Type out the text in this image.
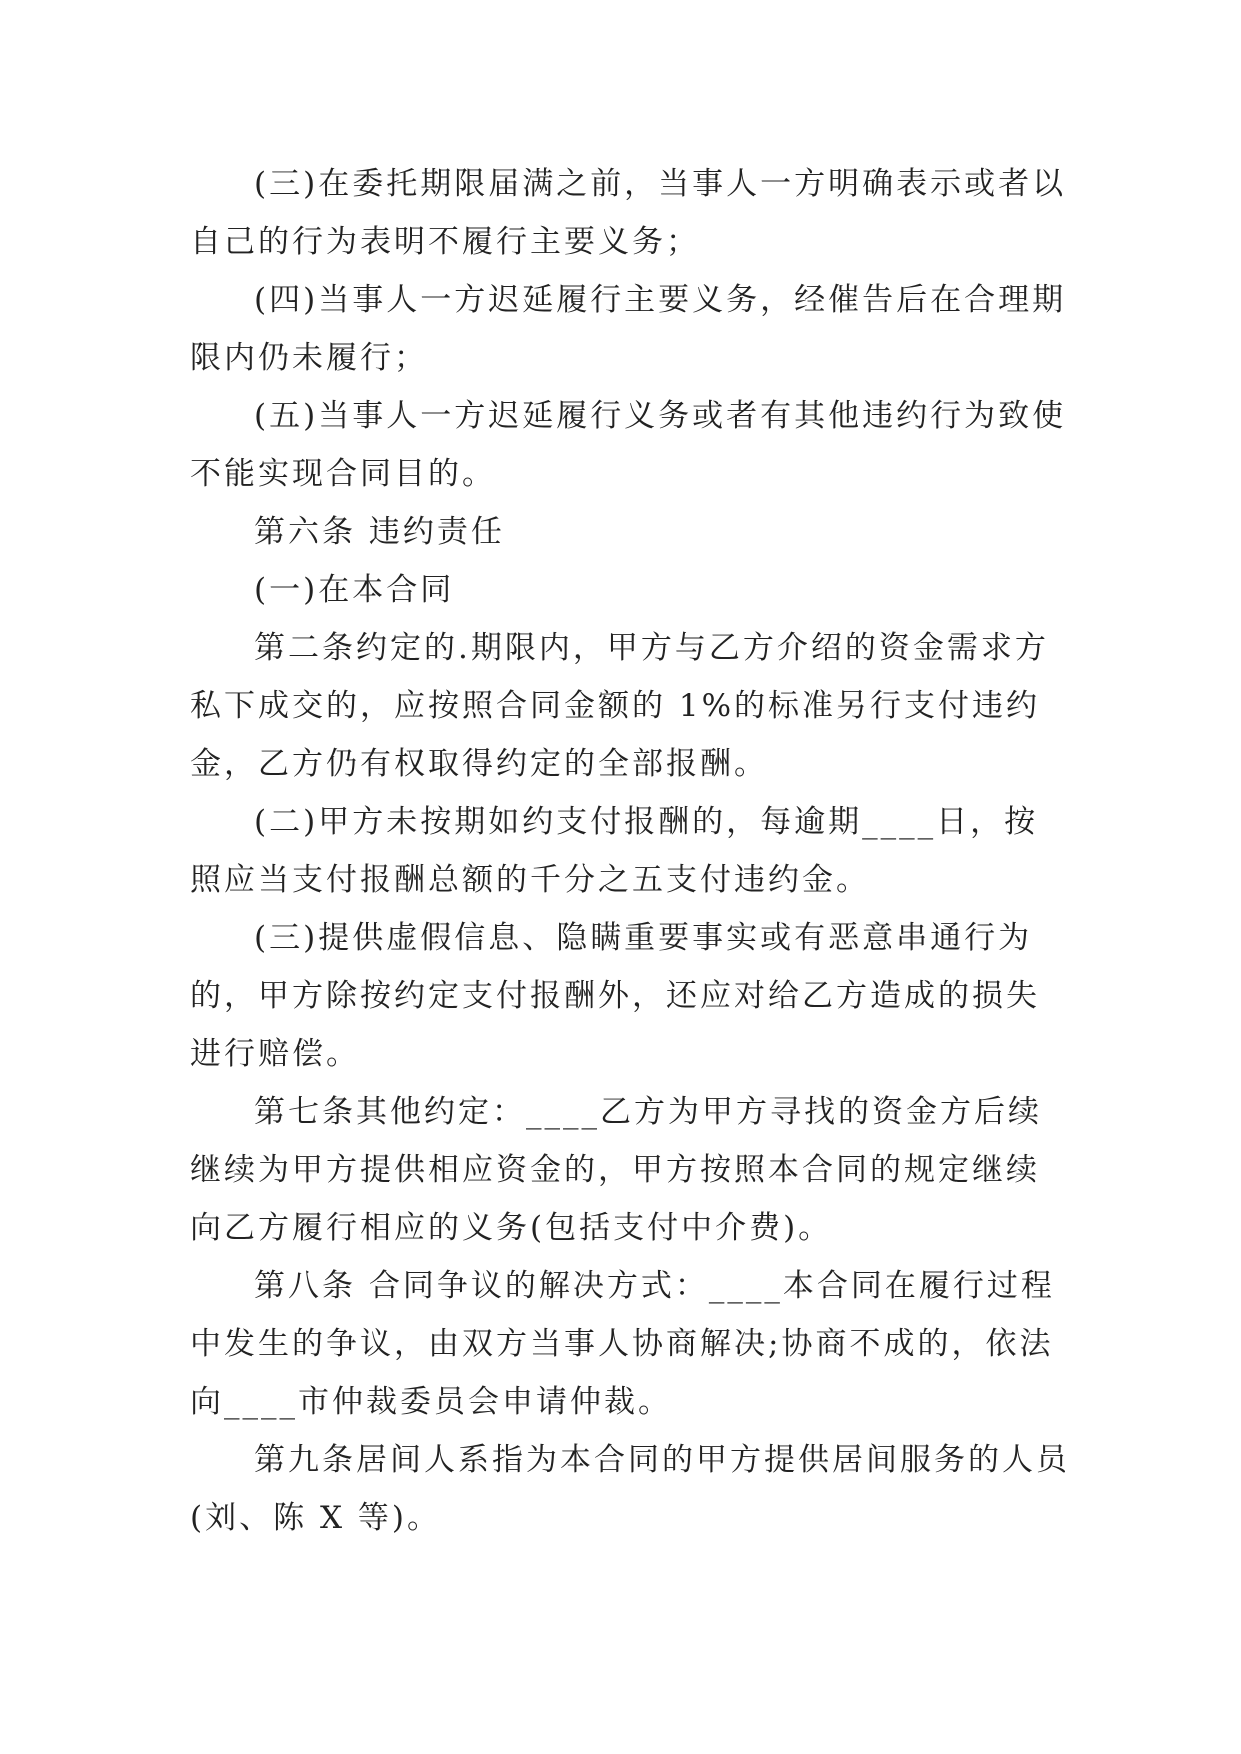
(三)在委托期限届满之前，当事人一方明确表示或者以自己的行为表明不履行主要义务；

(四)当事人一方迟延履行主要义务，经催告后在合理期限内仍未履行；

(五)当事人一方迟延履行义务或者有其他违约行为致使不能实现合同目的。

第六条 违约责任

(一)在本合同

第二条约定的.期限内，甲方与乙方介绍的资金需求方私下成交的，应按照合同金额的 1%的标准另行支付违约金，乙方仍有权取得约定的全部报酬。

(二)甲方未按期如约支付报酬的，每逾期____日，按照应当支付报酬总额的千分之五支付违约金。

(三)提供虚假信息、隐瞒重要事实或有恶意串通行为的，甲方除按约定支付报酬外，还应对给乙方造成的损失进行赔偿。

第七条其他约定：____乙方为甲方寻找的资金方后续继续为甲方提供相应资金的，甲方按照本合同的规定继续向乙方履行相应的义务(包括支付中介费)。

第八条 合同争议的解决方式：____本合同在履行过程中发生的争议，由双方当事人协商解决;协商不成的，依法向____市仲裁委员会申请仲裁。

第九条居间人系指为本合同的甲方提供居间服务的人员(刘、陈 X 等)。
